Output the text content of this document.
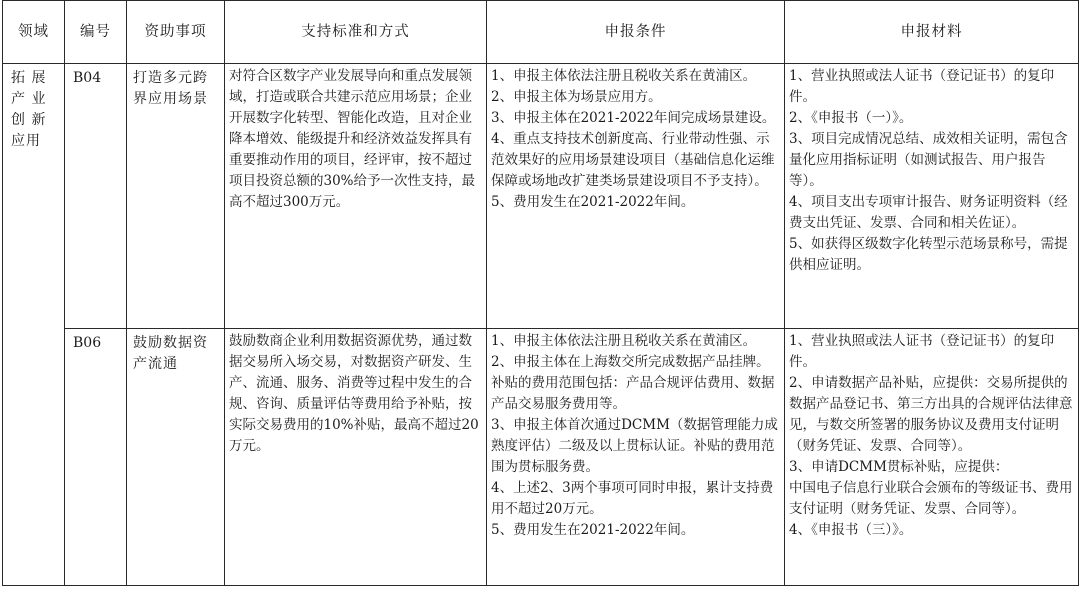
领域	编号	资助事项	支持标准和方式	申报条件	申报材料

拓 展
产 业
创 新
应用	B04	打造多元跨
界应用场景	对符合区数字产业发展导向和重点发展领域，打造或联合共建示范应用场景；企业开展数字化转型、智能化改造，且对企业降本增效、能级提升和经济效益发挥具有重要推动作用的项目，经评审，按不超过项目投资总额的30%给予一次性支持，最高不超过300万元。	1、申报主体依法注册且税收关系在黄浦区。
2、申报主体为场景应用方。
3、申报主体在2021-2022年间完成场景建设。
4、重点支持技术创新度高、行业带动性强、示范效果好的应用场景建设项目（基础信息化运维保障或场地改扩建类场景建设项目不予支持）。
5、费用发生在2021-2022年间。	1、营业执照或法人证书（登记证书）的复印件。
2、《申报书（一）》。
3、项目完成情况总结、成效相关证明，需包含量化应用指标证明（如测试报告、用户报告等）。
4、项目支出专项审计报告、财务证明资料（经费支出凭证、发票、合同和相关佐证）。
5、如获得区级数字化转型示范场景称号，需提供相应证明。

	B06	鼓励数据资
产流通	鼓励数商企业利用数据资源优势，通过数据交易所入场交易，对数据资产研发、生产、流通、服务、消费等过程中发生的合规、咨询、质量评估等费用给予补贴，按实际交易费用的10%补贴，最高不超过20万元。	1、申报主体依法注册且税收关系在黄浦区。
2、申报主体在上海数交所完成数据产品挂牌。补贴的费用范围包括：产品合规评估费用、数据产品交易服务费用等。
3、申报主体首次通过DCMM（数据管理能力成熟度评估）二级及以上贯标认证。补贴的费用范围为贯标服务费。
4、上述2、3两个事项可同时申报，累计支持费用不超过20万元。
5、费用发生在2021-2022年间。	1、营业执照或法人证书（登记证书）的复印件。
2、申请数据产品补贴，应提供：交易所提供的数据产品登记书、第三方出具的合规评估法律意见，与数交所签署的服务协议及费用支付证明（财务凭证、发票、合同等）。
3、申请DCMM贯标补贴，应提供：
中国电子信息行业联合会颁布的等级证书、费用支付证明（财务凭证、发票、合同等）。
4、《申报书（三）》。
